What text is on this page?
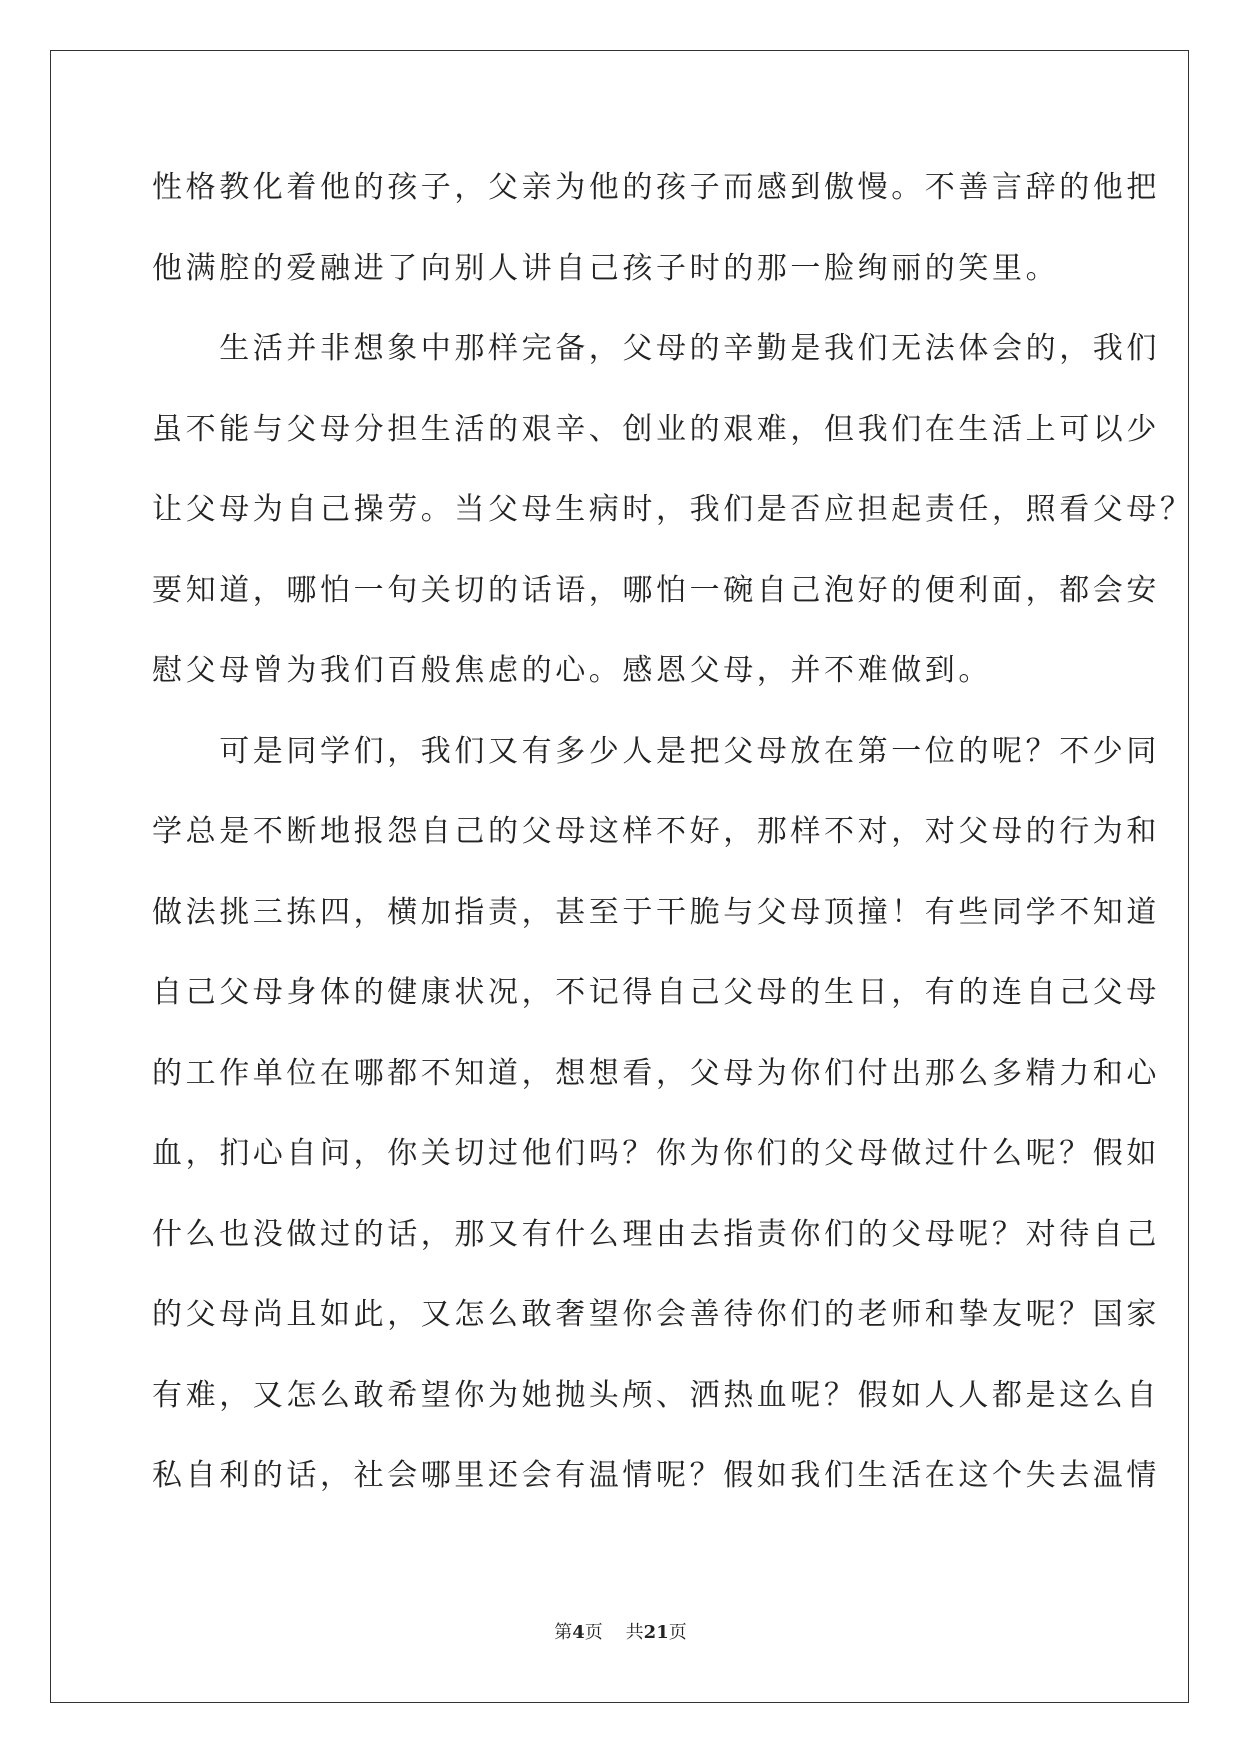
性格教化着他的孩子，父亲为他的孩子而感到傲慢。不善言辞的他把
他满腔的爱融进了向别人讲自己孩子时的那一脸绚丽的笑里。
　　生活并非想象中那样完备，父母的辛勤是我们无法体会的，我们
虽不能与父母分担生活的艰辛、创业的艰难，但我们在生活上可以少
让父母为自己操劳。当父母生病时，我们是否应担起责任，照看父母？
要知道，哪怕一句关切的话语，哪怕一碗自己泡好的便利面，都会安
慰父母曾为我们百般焦虑的心。感恩父母，并不难做到。
　　可是同学们，我们又有多少人是把父母放在第一位的呢？不少同
学总是不断地报怨自己的父母这样不好，那样不对，对父母的行为和
做法挑三拣四，横加指责，甚至于干脆与父母顶撞！有些同学不知道
自己父母身体的健康状况，不记得自己父母的生日，有的连自己父母
的工作单位在哪都不知道，想想看，父母为你们付出那么多精力和心
血，扪心自问，你关切过他们吗？你为你们的父母做过什么呢？假如
什么也没做过的话，那又有什么理由去指责你们的父母呢？对待自己
的父母尚且如此，又怎么敢奢望你会善待你们的老师和挚友呢？国家
有难，又怎么敢希望你为她抛头颅、洒热血呢？假如人人都是这么自
私自利的话，社会哪里还会有温情呢？假如我们生活在这个失去温情
第4页 共21页
